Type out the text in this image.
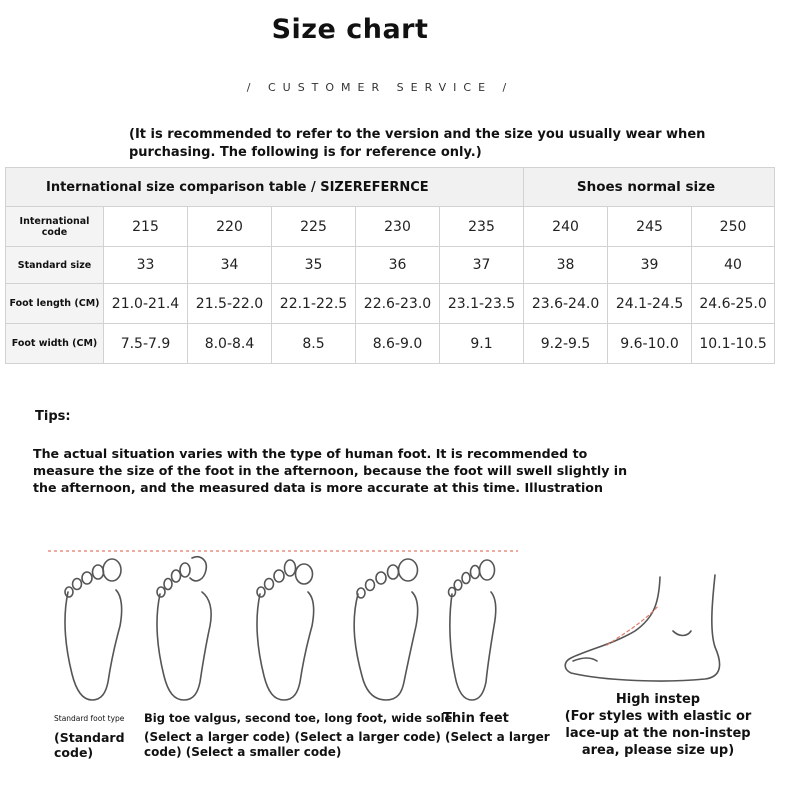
Size chart
/ CUSTOMER SERVICE /
(It is recommended to refer to the version and the size you usually wear when purchasing. The following is for reference only.)
International size comparison table / SIZEREFERNCE						Shoes normal size		
International code	215	220	225	230	235	240	245	250
Standard size	33	34	35	36	37	38	39	40
Foot length (CM)	21.0-21.4	21.5-22.0	22.1-22.5	22.6-23.0	23.1-23.5	23.6-24.0	24.1-24.5	24.6-25.0
Foot width (CM)	7.5-7.9	8.0-8.4	8.5	8.6-9.0	9.1	9.2-9.5	9.6-10.0	10.1-10.5
Tips:
The actual situation varies with the type of human foot. It is recommended to measure the size of the foot in the afternoon, because the foot will swell slightly in the afternoon, and the measured data is more accurate at this time. Illustration
Standard foot type Big toe valgus, second toe, long foot, wide sole
Thin feet
(Standard
code)
(Select a larger code) (Select a larger code) (Select a larger
code) (Select a smaller code)
High instep
(For styles with elastic or lace-up at the non-instep area, please size up)
